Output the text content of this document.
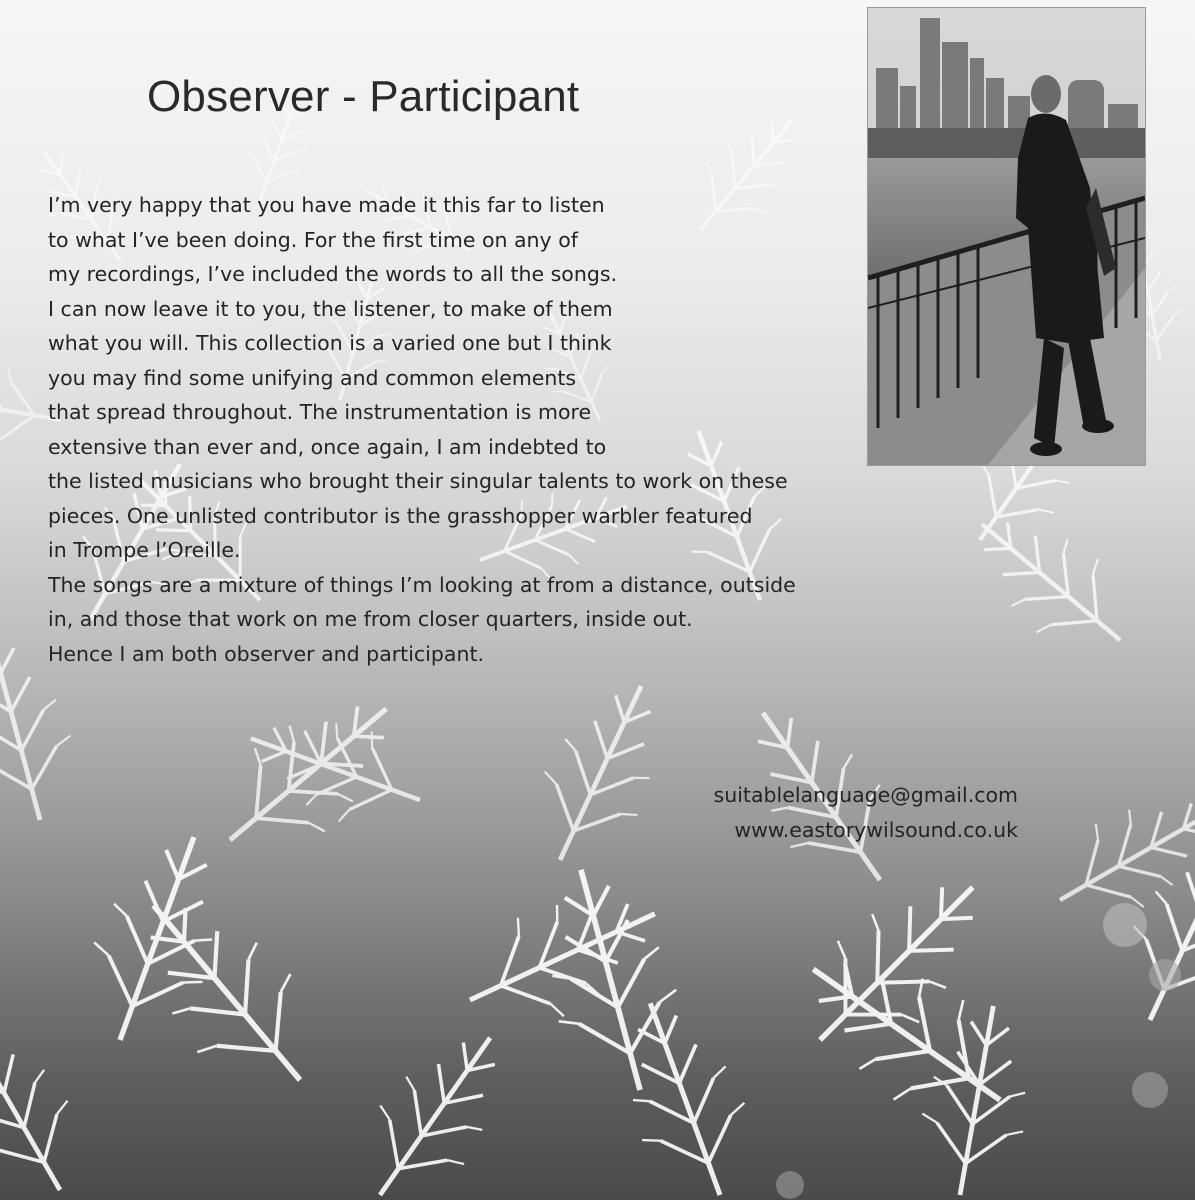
Observer - Participant
I’m very happy that you have made it this far to listen
to what I’ve been doing. For the first time on any of
my recordings, I’ve included the words to all the songs.
I can now leave it to you, the listener, to make of them
what you will. This collection is a varied one but I think
you may find some unifying and common elements
that spread throughout. The instrumentation is more
extensive than ever and, once again, I am indebted to
the listed musicians who brought their singular talents to work on these
pieces. One unlisted contributor is the grasshopper warbler featured
in Trompe l’Oreille.
The songs are a mixture of things I’m looking at from a distance, outside
in, and those that work on me from closer quarters, inside out.
Hence I am both observer and participant.
suitablelanguage@gmail.com
www.eastorywilsound.co.uk
